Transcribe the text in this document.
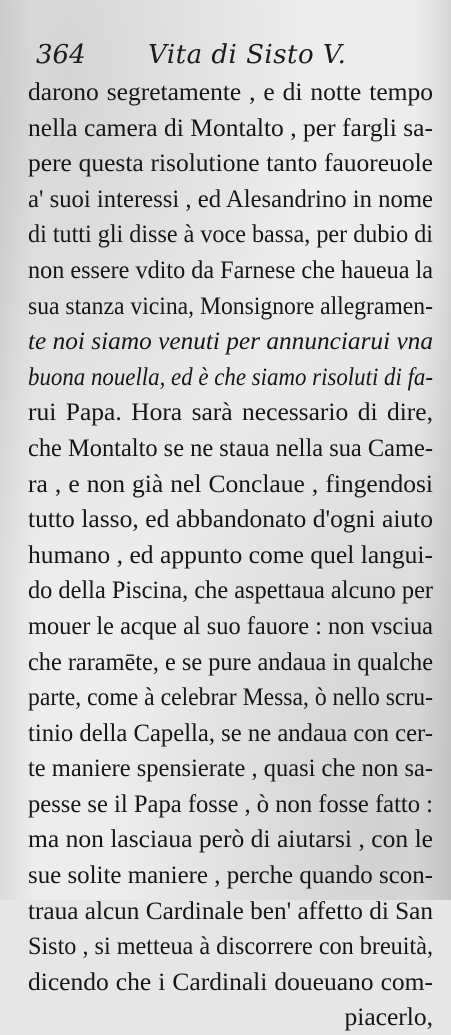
364 Vita di Sisto V.
darono segretamente , e di notte tempo
nella camera di Montalto , per fargli sa-
pere questa risolutione tanto fauoreuole
a' suoi interessi , ed Alesandrino in nome
di tutti gli disse à voce bassa, per dubio di
non essere vdito da Farnese che haueua la
sua stanza vicina, Monsignore allegramen-
te noi siamo venuti per annunciarui vna
buona nouella, ed è che siamo risoluti di fa-
rui Papa. Hora sarà necessario di dire,
che Montalto se ne staua nella sua Came-
ra , e non già nel Conclaue , fingendosi
tutto lasso, ed abbandonato d'ogni aiuto
humano , ed appunto come quel langui-
do della Piscina, che aspettaua alcuno per
mouer le acque al suo fauore : non vsciua
che raramēte, e se pure andaua in qualche
parte, come à celebrar Messa, ò nello scru-
tinio della Capella, se ne andaua con cer-
te maniere spensierate , quasi che non sa-
pesse se il Papa fosse , ò non fosse fatto :
ma non lasciaua però di aiutarsi , con le
sue solite maniere , perche quando scon-
traua alcun Cardinale ben' affetto di San
Sisto , si metteua à discorrere con breuità,
dicendo che i Cardinali doueuano com-
piacerlo,
